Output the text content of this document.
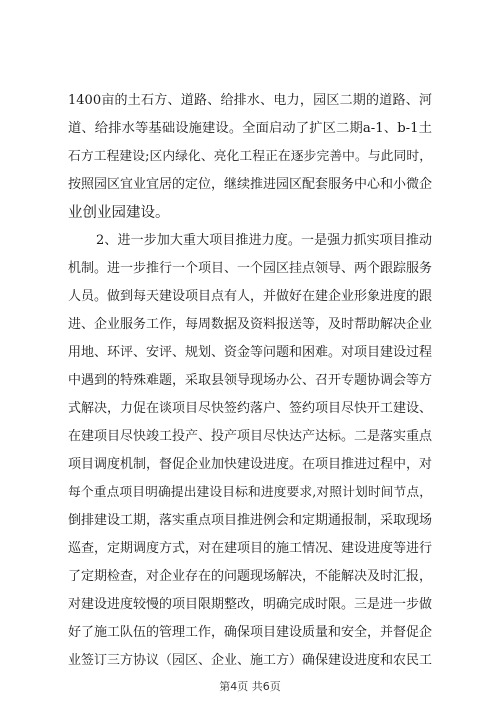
1400亩的土石方、道路、给排水、电力，园区二期的道路、河
道、给排水等基础设施建设。全面启动了扩区二期a-1、b-1土
石方工程建设;区内绿化、亮化工程正在逐步完善中。与此同时，
按照园区宜业宜居的定位，继续推进园区配套服务中心和小微企
业创业园建设。
2、进一步加大重大项目推进力度。一是强力抓实项目推动
机制。进一步推行一个项目、一个园区挂点领导、两个跟踪服务
人员。做到每天建设项目点有人，并做好在建企业形象进度的跟
进、企业服务工作，每周数据及资料报送等，及时帮助解决企业
用地、环评、安评、规划、资金等问题和困难。对项目建设过程
中遇到的特殊难题，采取县领导现场办公、召开专题协调会等方
式解决，力促在谈项目尽快签约落户、签约项目尽快开工建设、
在建项目尽快竣工投产、投产项目尽快达产达标。二是落实重点
项目调度机制，督促企业加快建设进度。在项目推进过程中，对
每个重点项目明确提出建设目标和进度要求,对照计划时间节点，
倒排建设工期，落实重点项目推进例会和定期通报制，采取现场
巡查，定期调度方式，对在建项目的施工情况、建设进度等进行
了定期检查，对企业存在的问题现场解决，不能解决及时汇报，
对建设进度较慢的项目限期整改，明确完成时限。三是进一步做
好了施工队伍的管理工作，确保项目建设质量和安全，并督促企
业签订三方协议（园区、企业、施工方）确保建设进度和农民工
第4页 共6页
